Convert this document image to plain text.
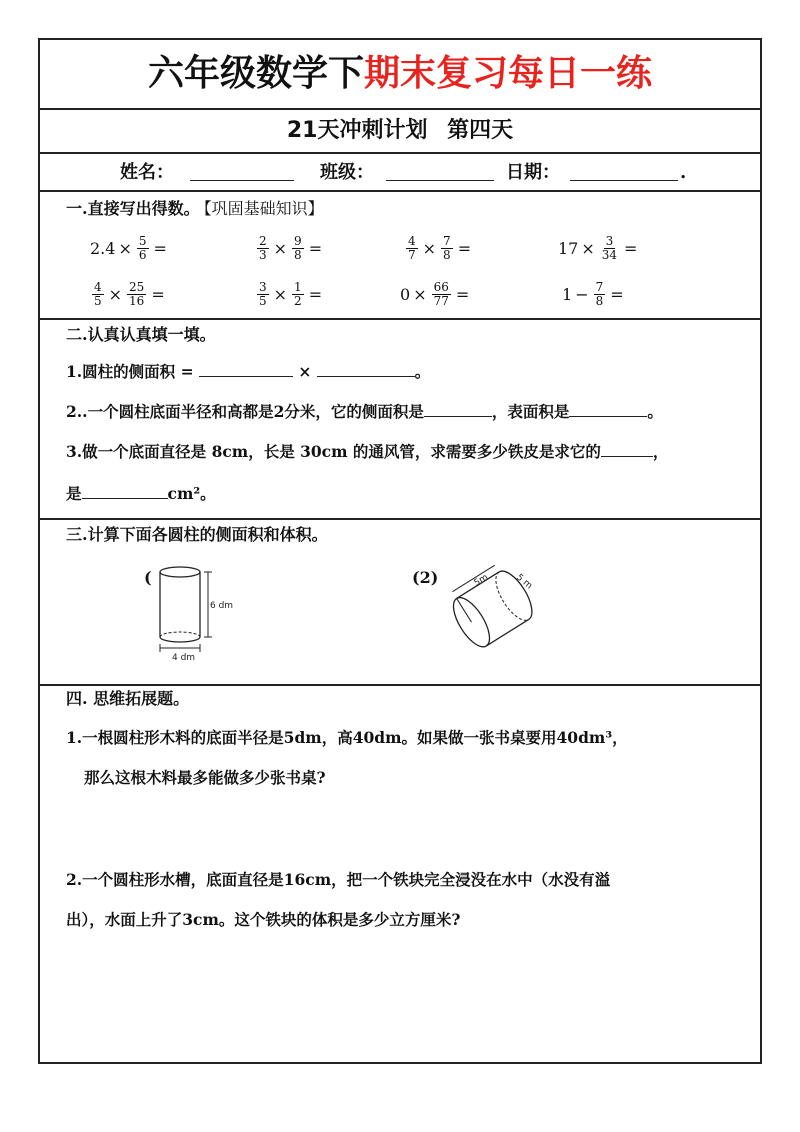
六年级数学下期末复习每日一练
21天冲刺计划 第四天
姓名：	班级：	日期：	.
一.直接写出得数。 【巩固基础知识】
$2.4 \times \frac{5}{6}$ =	$\frac{2}{3} \times \frac{9}{8}$ =	$\frac{4}{7} \times \frac{7}{8}$ =	$17 \times \frac{3}{34}$ =
$\frac{4}{5} \times \frac{25}{16}$ =	$\frac{3}{5} \times \frac{1}{2}$ =	$0 \times \frac{66}{77}$ =	$1 - \frac{7}{8}$ =
二.认真认真填一填。
1.圆柱的侧面积 =	×	。
2..一个圆柱底面半径和高都是2分米，它的侧面积是	，表面积是	。
3.做一个底面直径是 8cm，长是 30cm 的通风管，求需要多少铁皮是求它的	，
是	cm²。
三.计算下面各圆柱的侧面积和体积。
(
6 dm
4 dm
(2)	5m	5 m
四. 思维拓展题。
1.一根圆柱形木料的底面半径是5dm，高40dm。如果做一张书桌要用40dm³，
那么这根木料最多能做多少张书桌?
2.一个圆柱形水槽，底面直径是16cm，把一个铁块完全浸没在水中（水没有溢
出），水面上升了3cm。这个铁块的体积是多少立方厘米?
